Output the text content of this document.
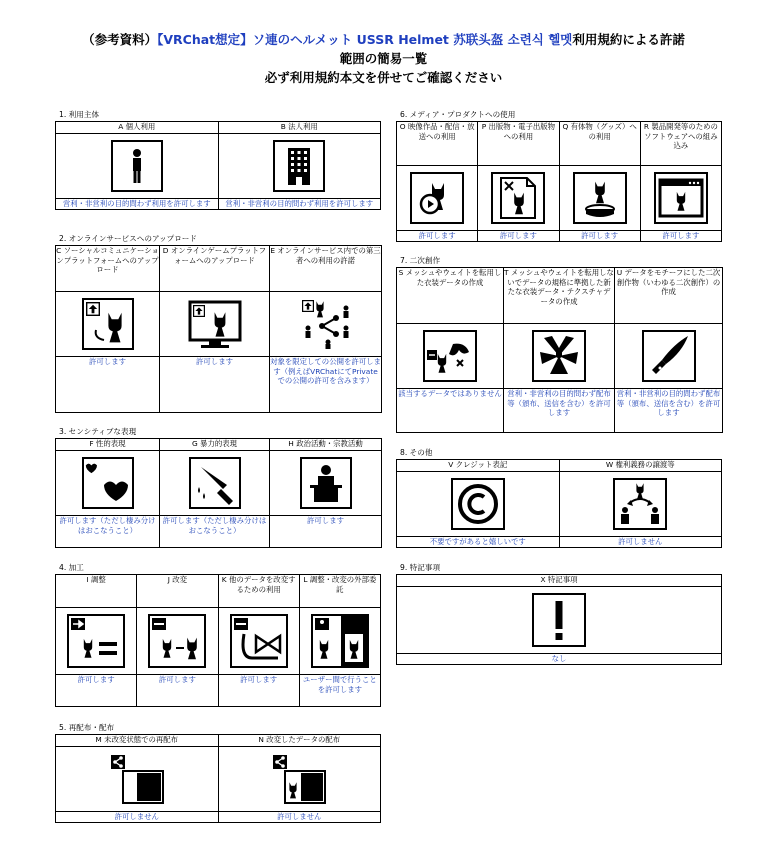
（参考資料）【VRChat想定】ソ連のヘルメット USSR Helmet 苏联头盔 소련식 헬멧利用規約による許諾
範囲の簡易一覧
必ず利用規約本文を併せてご確認ください
1. 利用主体
A 個人利用	B 法人利用

営利・非営利の目的問わず利用を許可します	営利・非営利の目的問わず利用を許可します
2. オンラインサービスへのアップロード
C ソーシャルコミュニケーションプラットフォームへのアップロード	D オンラインゲームプラットフォームへのアップロード	E オンラインサービス内での第三者への利用の許諾

許可します	許可します	対象を限定しての公開を許可します（例えばVRChatにてPrivateでの公開の許可を含みます）
3. センシティブな表現
F 性的表現	G 暴力的表現	H 政治活動・宗教活動

許可します（ただし棲み分けはおこなうこと）	許可します（ただし棲み分けはおこなうこと）	許可します
4. 加工
I 調整	J 改変	K 他のデータを改変するための利用	L 調整・改変の外部委託

許可します	許可します	許可します	ユーザー間で行うことを許可します
5. 再配布・配布
M 未改変状態での再配布	N 改変したデータの配布

許可しません	許可しません
6. メディア・プロダクトへの使用
O 映像作品・配信・放送への利用	P 出版物・電子出版物への利用	Q 有体物（グッズ）への利用	R 製品開発等のためのソフトウェアへの組み込み

許可します	許可します	許可します	許可します
7. 二次創作
S メッシュやウェイトを転用した衣装データの作成	T メッシュやウェイトを転用しないでデータの規格に準拠した新たな衣装データ・テクスチャデータの作成	U データをモチーフにした二次創作物（いわゆる二次創作）の作成

該当するデータではありません	営利・非営利の目的問わず配布等（頒布、送信を含む）を許可します	営利・非営利の目的問わず配布等（頒布、送信を含む）を許可します
8. その他
V クレジット表記	W 権利義務の譲渡等

不要ですがあると嬉しいです	許可しません
9. 特記事項
X 特記事項

なし
